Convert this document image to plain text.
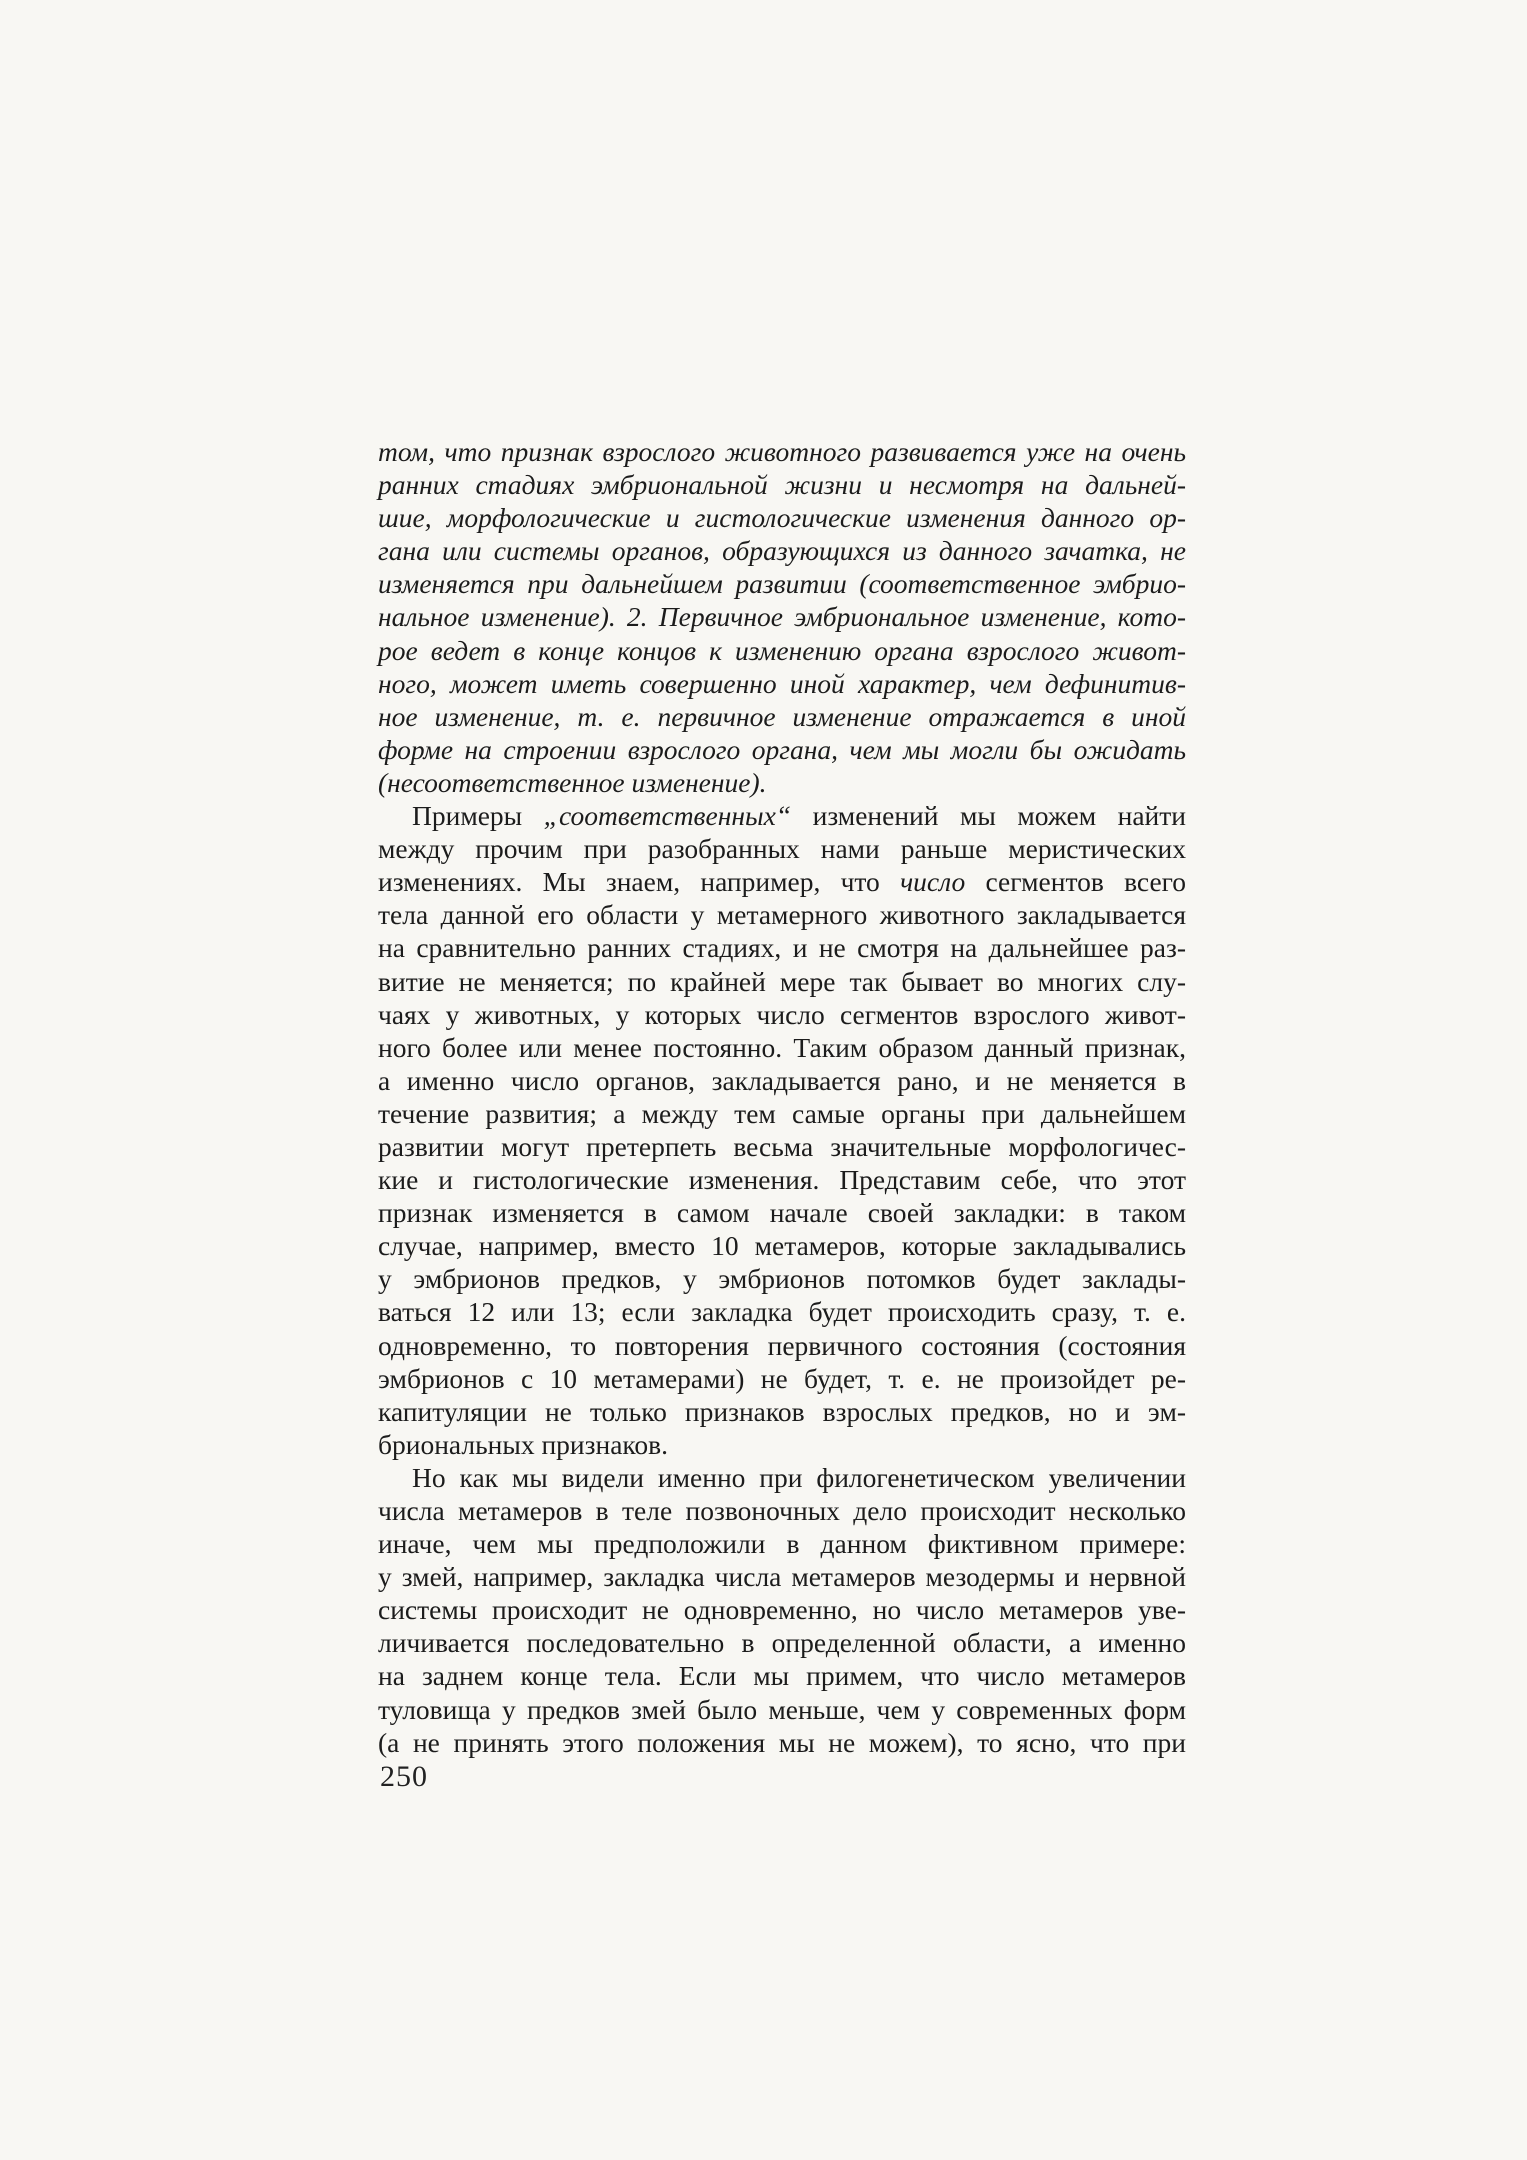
том, что признак взрослого животного развивается уже на очень
ранних стадиях эмбриональной жизни и несмотря на дальней-
шие, морфологические и гистологические изменения данного ор-
гана или системы органов, образующихся из данного зачатка, не
изменяется при дальнейшем развитии (соответственное эмбрио-
нальное изменение). 2. Первичное эмбриональное изменение, кото-
рое ведет в конце концов к изменению органа взрослого живот-
ного, может иметь совершенно иной характер, чем дефинитив-
ное изменение, т. е. первичное изменение отражается в иной
форме на строении взрослого органа, чем мы могли бы ожидать
(несоответственное изменение).
Примеры „соответственных“ изменений мы можем найти
между прочим при разобранных нами раньше меристических
изменениях. Мы знаем, например, что число сегментов всего
тела данной его области у метамерного животного закладывается
на сравнительно ранних стадиях, и не смотря на дальнейшее раз-
витие не меняется; по крайней мере так бывает во многих слу-
чаях у животных, у которых число сегментов взрослого живот-
ного более или менее постоянно. Таким образом данный признак,
а именно число органов, закладывается рано, и не меняется в
течение развития; а между тем самые органы при дальнейшем
развитии могут претерпеть весьма значительные морфологичес-
кие и гистологические изменения. Представим себе, что этот
признак изменяется в самом начале своей закладки: в таком
случае, например, вместо 10 метамеров, которые закладывались
у эмбрионов предков, у эмбрионов потомков будет заклады-
ваться 12 или 13; если закладка будет происходить сразу, т. е.
одновременно, то повторения первичного состояния (состояния
эмбрионов с 10 метамерами) не будет, т. е. не произойдет ре-
капитуляции не только признаков взрослых предков, но и эм-
бриональных признаков.
Но как мы видели именно при филогенетическом увеличении
числа метамеров в теле позвоночных дело происходит несколько
иначе, чем мы предположили в данном фиктивном примере:
у змей, например, закладка числа метамеров мезодермы и нервной
системы происходит не одновременно, но число метамеров уве-
личивается последовательно в определенной области, а именно
на заднем конце тела. Если мы примем, что число метамеров
туловища у предков змей было меньше, чем у современных форм
(а не принять этого положения мы не можем), то ясно, что при
250
